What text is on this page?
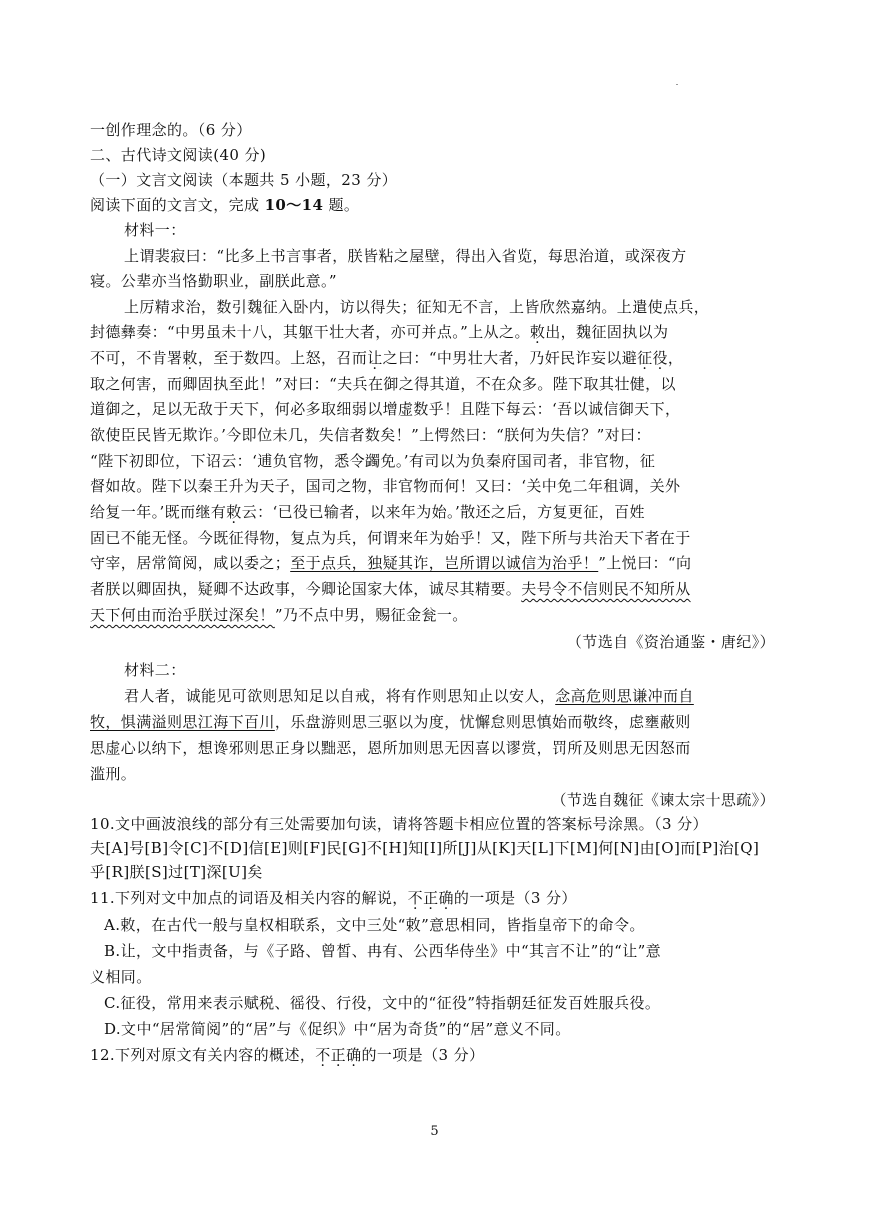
一创作理念的。（6 分）
二、古代诗文阅读(40 分)
（一）文言文阅读（本题共 5 小题，23 分）
阅读下面的文言文，完成 10～14 题。
材料一：
上谓裴寂曰：“比多上书言事者，朕皆粘之屋壁，得出入省览，每思治道，或深夜方
寝。公辈亦当恪勤职业，副朕此意。”
上厉精求治，数引魏征入卧内，访以得失；征知无不言，上皆欣然嘉纳。上遣使点兵，
封德彝奏：“中男虽未十八，其躯干壮大者，亦可并点。”上从之。敕出，魏征固执以为
不可，不肯署敕，至于数四。上怒，召而让之曰：“中男壮大者，乃奸民诈妄以避征役，
取之何害，而卿固执至此！”对曰：“夫兵在御之得其道，不在众多。陛下取其壮健，以
道御之，足以无敌于天下，何必多取细弱以增虚数乎！且陛下每云：‘吾以诚信御天下，
欲使臣民皆无欺诈。’今即位未几，失信者数矣！”上愕然曰：“朕何为失信？”对曰：
“陛下初即位，下诏云：‘逋负官物，悉令蠲免。’有司以为负秦府国司者，非官物，征
督如故。陛下以秦王升为天子，国司之物，非官物而何！又曰：‘关中免二年租调，关外
给复一年。’既而继有敕云：‘已役已输者，以来年为始。’散还之后，方复更征，百姓
固已不能无怪。今既征得物，复点为兵，何谓来年为始乎！又，陛下所与共治天下者在于
守宰，居常简阅，咸以委之；至于点兵，独疑其诈，岂所谓以诚信为治乎！”上悦曰：“向
者朕以卿固执，疑卿不达政事，今卿论国家大体，诚尽其精要。夫号令不信则民不知所从
天下何由而治乎朕过深矣！”乃不点中男，赐征金瓮一。
（节选自《资治通鉴・唐纪》）
材料二：
君人者，诚能见可欲则思知足以自戒，将有作则思知止以安人，念高危则思谦冲而自
牧，惧满溢则思江海下百川，乐盘游则思三驱以为度，忧懈怠则思慎始而敬终，虑壅蔽则
思虚心以纳下，想谗邪则思正身以黜恶，恩所加则思无因喜以谬赏，罚所及则思无因怒而
滥刑。
（节选自魏征《谏太宗十思疏》）
10.文中画波浪线的部分有三处需要加句读，请将答题卡相应位置的答案标号涂黑。（3 分）
夫[A]号[B]令[C]不[D]信[E]则[F]民[G]不[H]知[I]所[J]从[K]天[L]下[M]何[N]由[O]而[P]治[Q]
乎[R]朕[S]过[T]深[U]矣
11.下列对文中加点的词语及相关内容的解说，不正确的一项是（3 分）
A.敕，在古代一般与皇权相联系，文中三处“敕”意思相同，皆指皇帝下的命令。
B.让，文中指责备，与《子路、曾皙、冉有、公西华侍坐》中“其言不让”的“让”意
义相同。
C.征役，常用来表示赋税、徭役、行役，文中的“征役”特指朝廷征发百姓服兵役。
D.文中“居常简阅”的“居”与《促织》中“居为奇货”的“居”意义不同。
12.下列对原文有关内容的概述，不正确的一项是（3 分）
5
